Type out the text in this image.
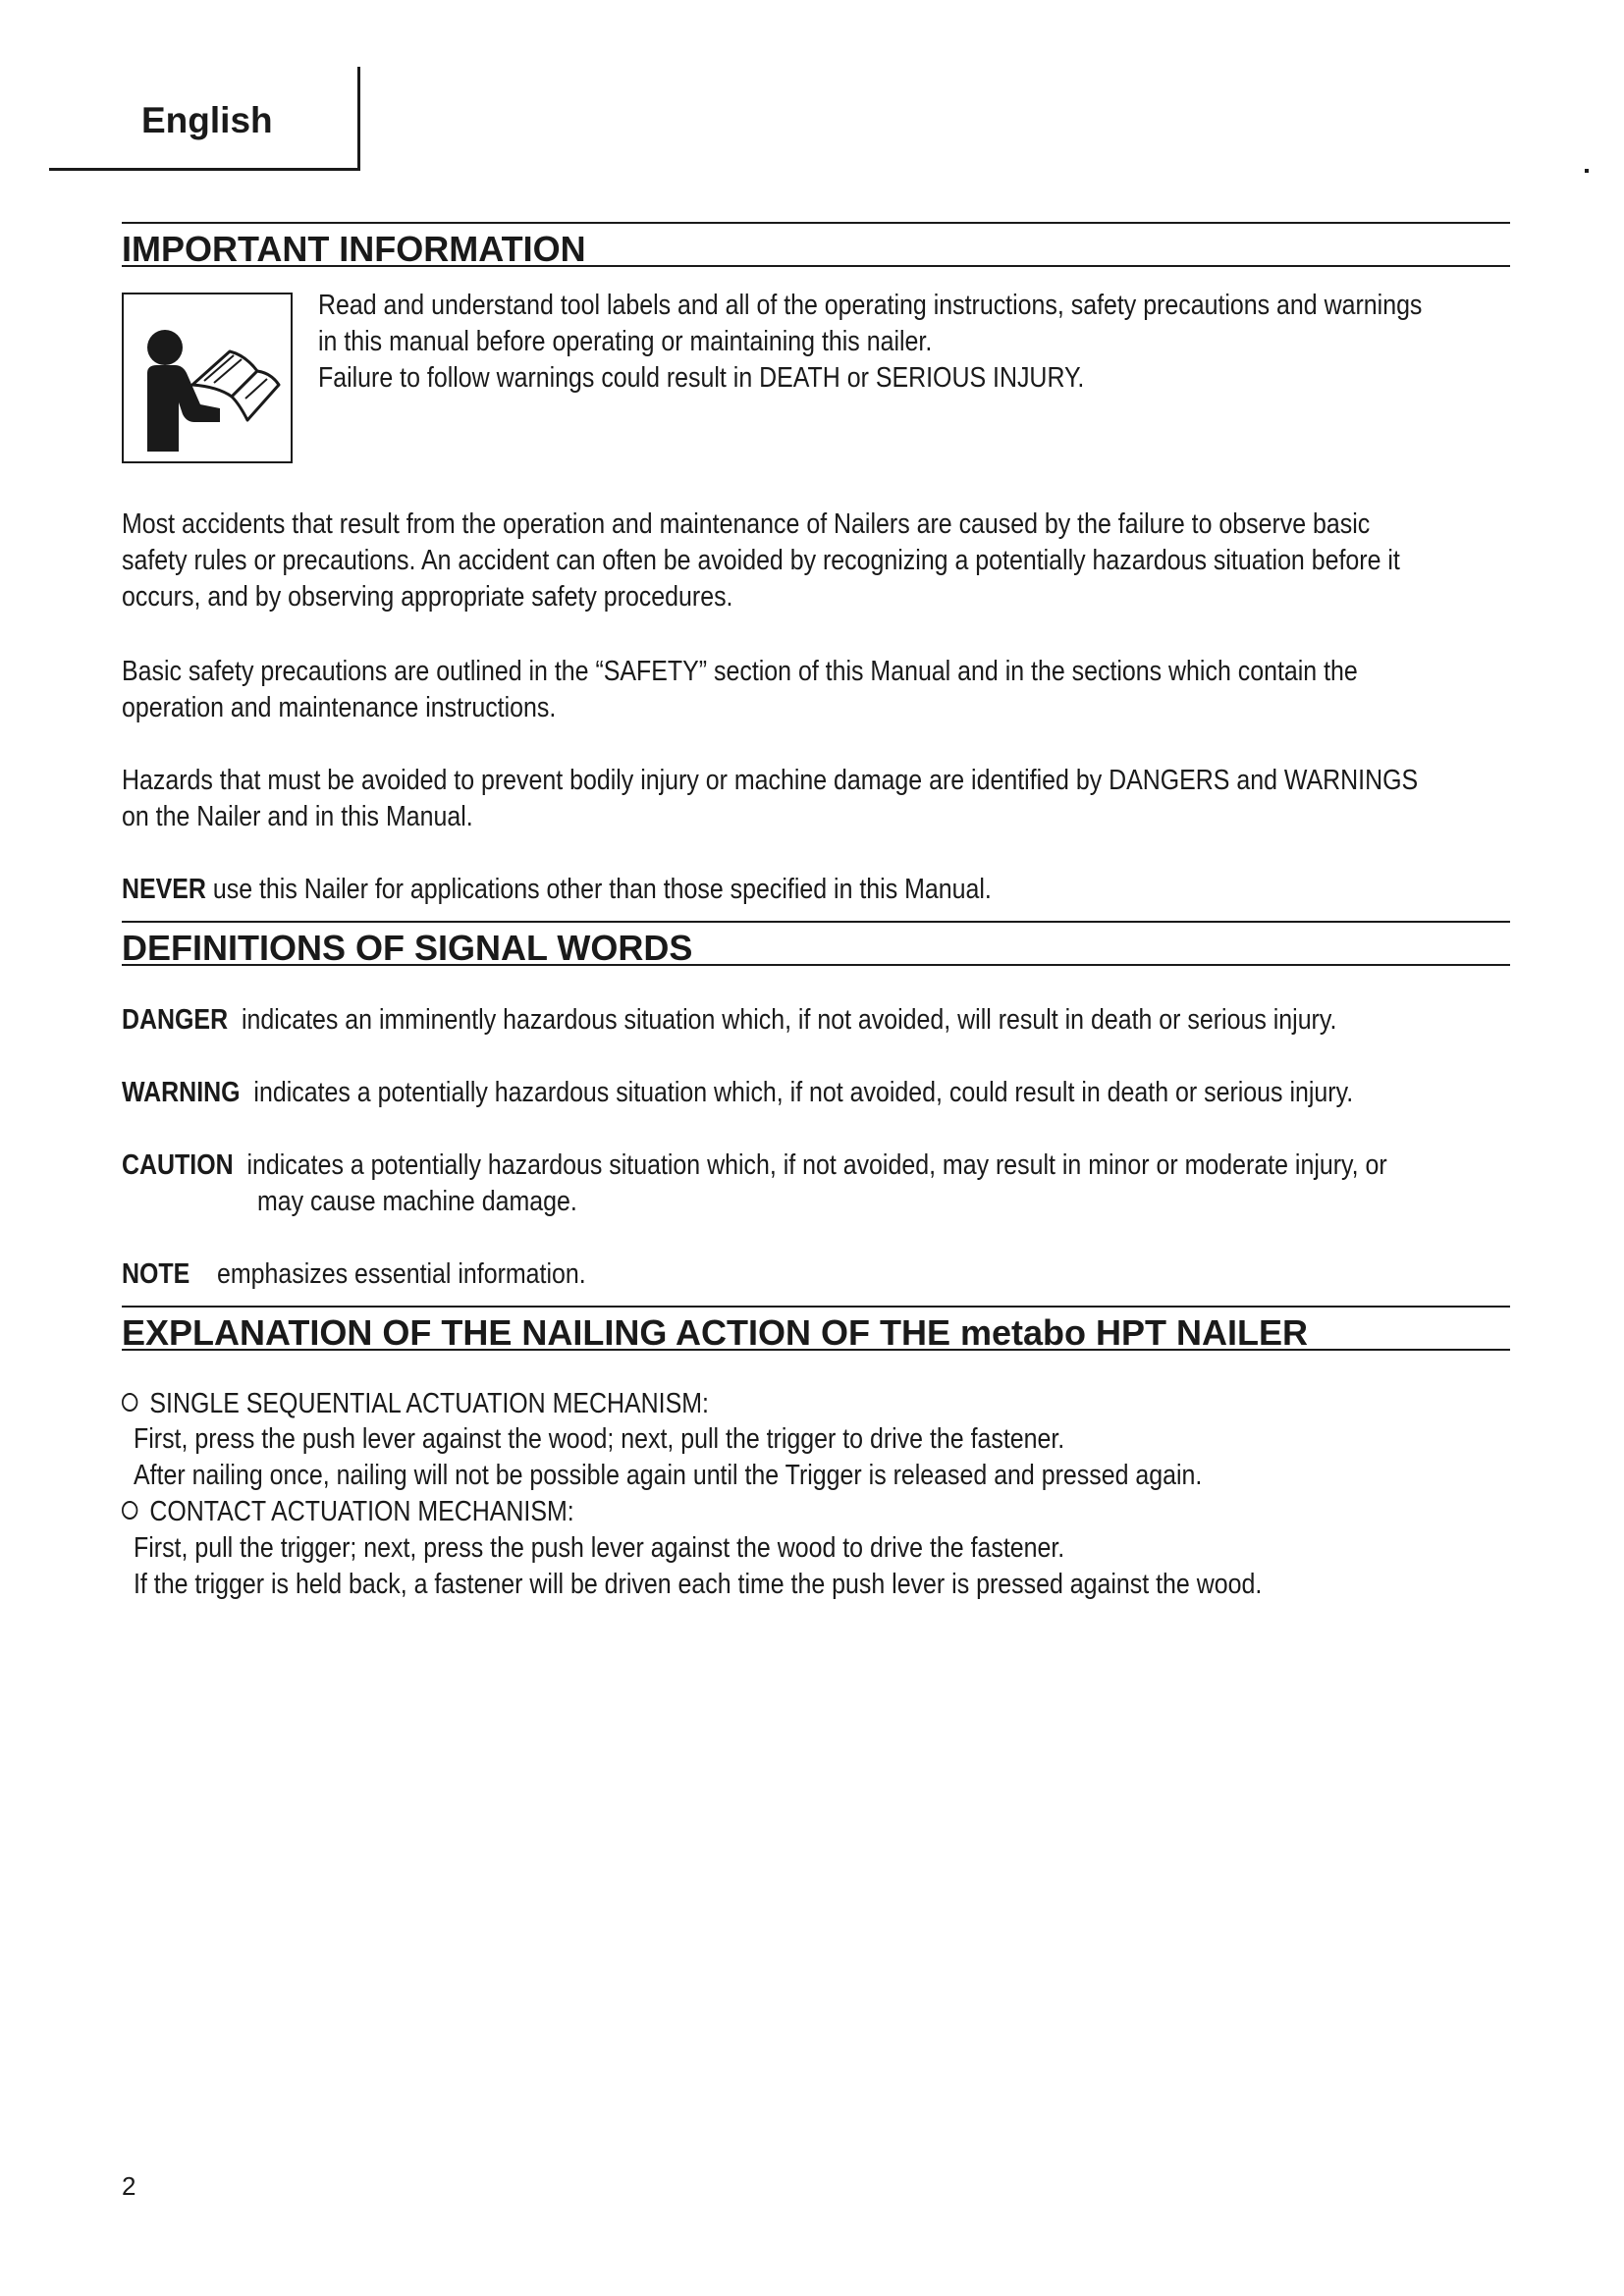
English
IMPORTANT INFORMATION

Read and understand tool labels and all of the operating instructions, safety precautions and warnings

in this manual before operating or maintaining this nailer.

Failure to follow warnings could result in DEATH or SERIOUS INJURY.

Most accidents that result from the operation and maintenance of Nailers are caused by the failure to observe basic

safety rules or precautions. An accident can often be avoided by recognizing a potentially hazardous situation before it

occurs, and by observing appropriate safety procedures.

Basic safety precautions are outlined in the “SAFETY” section of this Manual and in the sections which contain the

operation and maintenance instructions.

Hazards that must be avoided to prevent bodily injury or machine damage are identified by DANGERS and WARNINGS

on the Nailer and in this Manual.

NEVER use this Nailer for applications other than those specified in this Manual.

DEFINITIONS OF SIGNAL WORDS

DANGER indicates an imminently hazardous situation which, if not avoided, will result in death or serious injury.

WARNING indicates a potentially hazardous situation which, if not avoided, could result in death or serious injury.

CAUTION indicates a potentially hazardous situation which, if not avoided, may result in minor or moderate injury, or

may cause machine damage.

NOTE emphasizes essential information.

EXPLANATION OF THE NAILING ACTION OF THE metabo HPT NAILER

SINGLE SEQUENTIAL ACTUATION MECHANISM:

First, press the push lever against the wood; next, pull the trigger to drive the fastener.

After nailing once, nailing will not be possible again until the Trigger is released and pressed again.

CONTACT ACTUATION MECHANISM:

First, pull the trigger; next, press the push lever against the wood to drive the fastener.

If the trigger is held back, a fastener will be driven each time the push lever is pressed against the wood.

2
